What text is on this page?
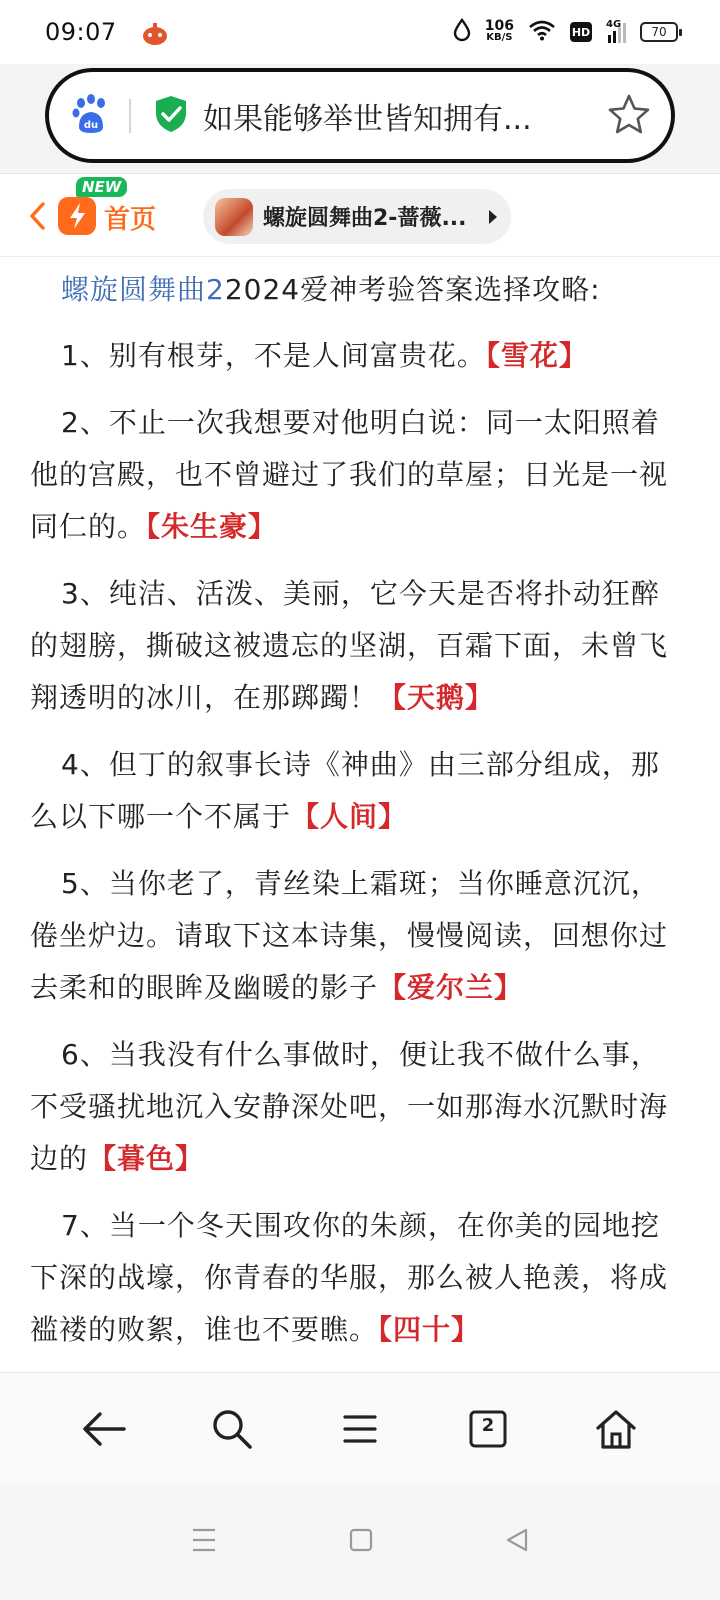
09:07	106
KB/S	HD
4G
70
du	如果能够举世皆知拥有...
NEW
首页	螺旋圆舞曲2-蔷薇...

螺旋圆舞曲22024爱神考验答案选择攻略:

1、别有根芽，不是人间富贵花。【雪花】

2、不止一次我想要对他明白说：同一太阳照着他的宫殿，也不曾避过了我们的草屋；日光是一视同仁的。【朱生豪】

3、纯洁、活泼、美丽，它今天是否将扑动狂醉的翅膀，撕破这被遗忘的坚湖，百霜下面，未曾飞翔透明的冰川，在那踯躅！【天鹅】

4、但丁的叙事长诗《神曲》由三部分组成，那么以下哪一个不属于【人间】

5、当你老了，青丝染上霜斑；当你睡意沉沉，倦坐炉边。请取下这本诗集，慢慢阅读，回想你过去柔和的眼眸及幽暖的影子【爱尔兰】

6、当我没有什么事做时，便让我不做什么事，不受骚扰地沉入安静深处吧，一如那海水沉默时海边的【暮色】

7、当一个冬天围攻你的朱颜，在你美的园地挖下深的战壕，你青春的华服，那么被人艳羡，将成褴褛的败絮，谁也不要瞧。【四十】

2
